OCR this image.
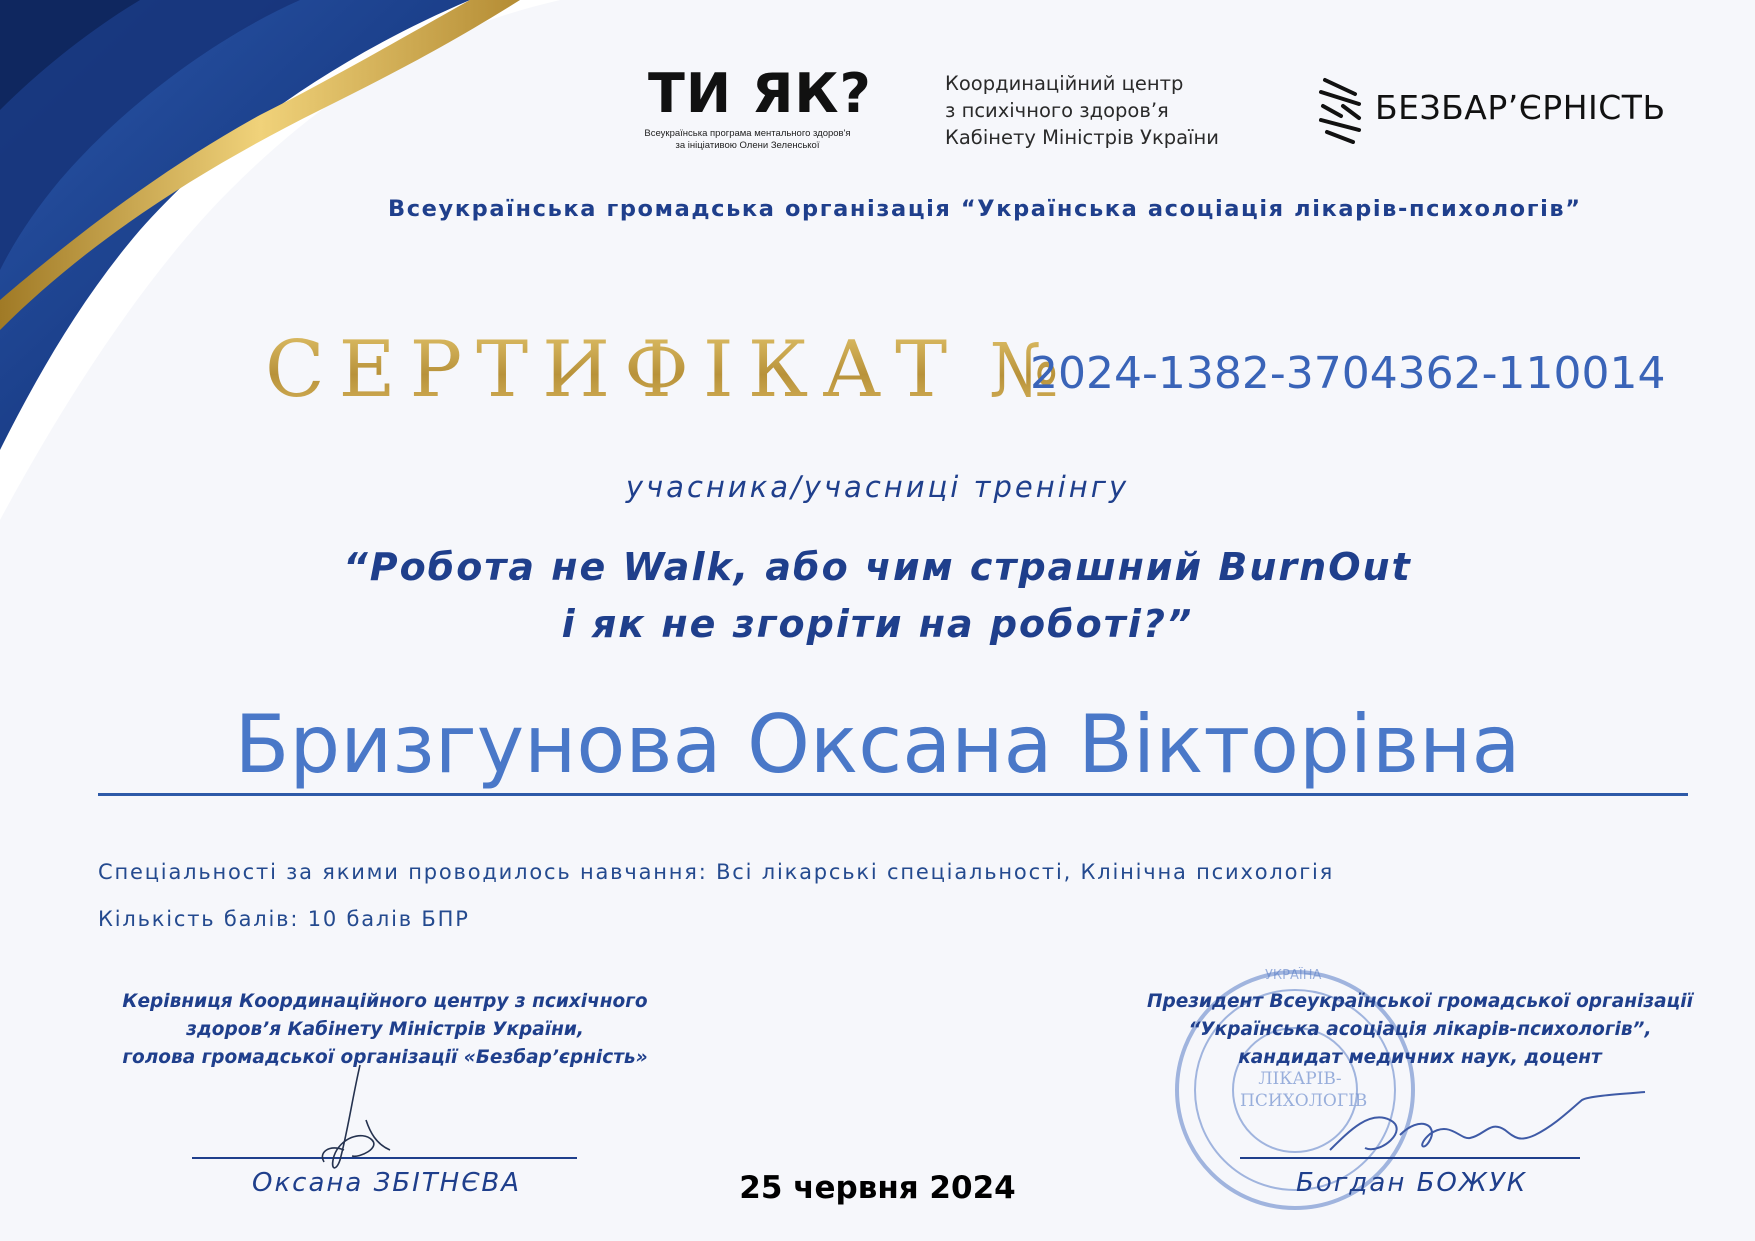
ТИ ЯК?
Всеукраїнська програма ментального здоров'я
за ініціативою Олени Зеленської
Координаційний центр
з психічного здоров’я
Кабінету Міністрів України
БЕЗБАР’ЄРНІСТЬ
Всеукраїнська громадська організація “Українська асоціація лікарів-психологів”
СЕРТИФІКАТ №
2024-1382-3704362-110014
учасника/учасниці тренінгу
“Робота не Walk, або чим страшний BurnOut
і як не згоріти на роботі?”
Бризгунова Оксана Вікторівна
Спеціальності за якими проводилось навчання: Всі лікарські спеціальності, Клінічна психологія
Кількість балів: 10 балів БПР
ЛІКАРІВ-
ПСИХОЛОГІВ
УКРАЇНА
Керівниця Координаційного центру з психічного
здоров’я Кабінету Міністрів України,
голова громадської організації «Безбар’єрність»
Президент Всеукраїнської громадської організації
“Українська асоціація лікарів-психологів”,
кандидат медичних наук, доцент
Оксана ЗБІТНЄВА	Богдан БОЖУК
25 червня 2024
